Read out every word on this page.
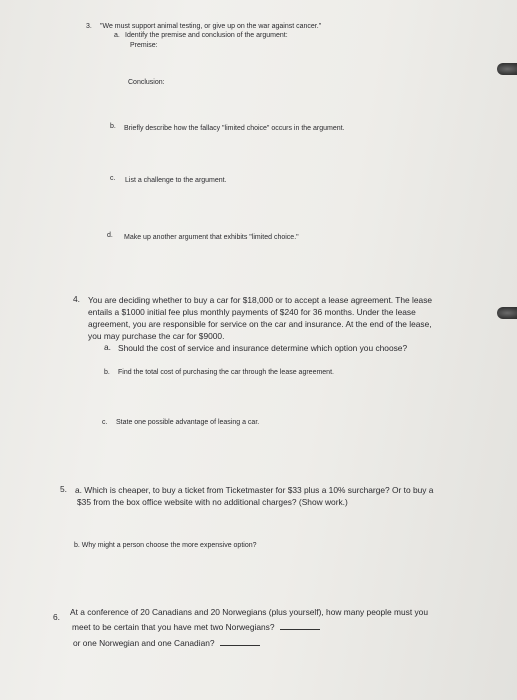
3. "We must support animal testing, or give up on the war against cancer."
a. Identify the premise and conclusion of the argument:
Premise:
Conclusion:
b. Briefly describe how the fallacy "limited choice" occurs in the argument.
c. List a challenge to the argument.
d. Make up another argument that exhibits "limited choice."
4. You are deciding whether to buy a car for $18,000 or to accept a lease agreement. The lease
entails a $1000 initial fee plus monthly payments of $240 for 36 months. Under the lease
agreement, you are responsible for service on the car and insurance. At the end of the lease,
you may purchase the car for $9000.
a. Should the cost of service and insurance determine which option you choose?
b. Find the total cost of purchasing the car through the lease agreement.
c. State one possible advantage of leasing a car.
5. a. Which is cheaper, to buy a ticket from Ticketmaster for $33 plus a 10% surcharge? Or to buy a
$35 from the box office website with no additional charges? (Show work.)
b. Why might a person choose the more expensive option?
6. At a conference of 20 Canadians and 20 Norwegians (plus yourself), how many people must you
meet to be certain that you have met two Norwegians?
or one Norwegian and one Canadian?
